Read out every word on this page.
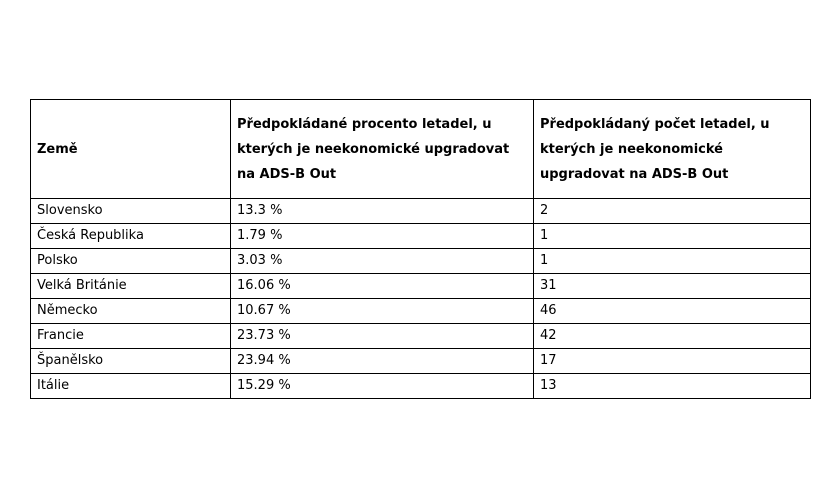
Země	Předpokládané procento letadel, u kterých je neekonomické upgradovat na ADS-B Out	Předpokládaný počet letadel, u kterých je neekonomické upgradovat na ADS-B Out
Slovensko	13.3 %	2
Česká Republika	1.79 %	1
Polsko	3.03 %	1
Velká Británie	16.06 %	31
Německo	10.67 %	46
Francie	23.73 %	42
Španělsko	23.94 %	17
Itálie	15.29 %	13
